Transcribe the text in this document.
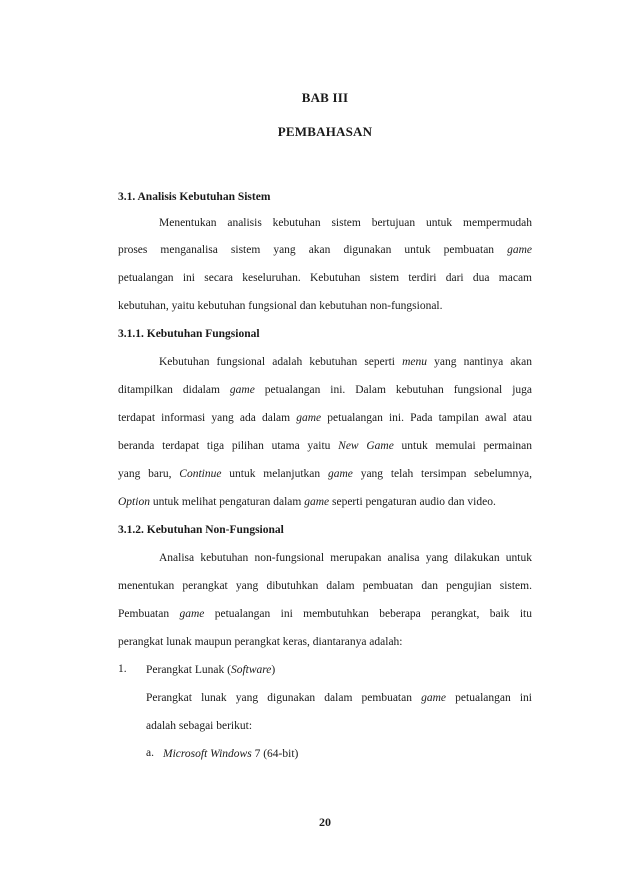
BAB III
PEMBAHASAN
3.1. Analisis Kebutuhan Sistem
Menentukan analisis kebutuhan sistem bertujuan untuk mempermudah
proses menganalisa sistem yang akan digunakan untuk pembuatan game
petualangan ini secara keseluruhan. Kebutuhan sistem terdiri dari dua macam
kebutuhan, yaitu kebutuhan fungsional dan kebutuhan non-fungsional.
3.1.1. Kebutuhan Fungsional
Kebutuhan fungsional adalah kebutuhan seperti menu yang nantinya akan
ditampilkan didalam game petualangan ini. Dalam kebutuhan fungsional juga
terdapat informasi yang ada dalam game petualangan ini. Pada tampilan awal atau
beranda terdapat tiga pilihan utama yaitu New Game untuk memulai permainan
yang baru, Continue untuk melanjutkan game yang telah tersimpan sebelumnya,
Option untuk melihat pengaturan dalam game seperti pengaturan audio dan video.
3.1.2. Kebutuhan Non-Fungsional
Analisa kebutuhan non-fungsional merupakan analisa yang dilakukan untuk
menentukan perangkat yang dibutuhkan dalam pembuatan dan pengujian sistem.
Pembuatan game petualangan ini membutuhkan beberapa perangkat, baik itu
perangkat lunak maupun perangkat keras, diantaranya adalah:
1. Perangkat Lunak (Software)
Perangkat lunak yang digunakan dalam pembuatan game petualangan ini
adalah sebagai berikut:
a. Microsoft Windows 7 (64-bit)
20
